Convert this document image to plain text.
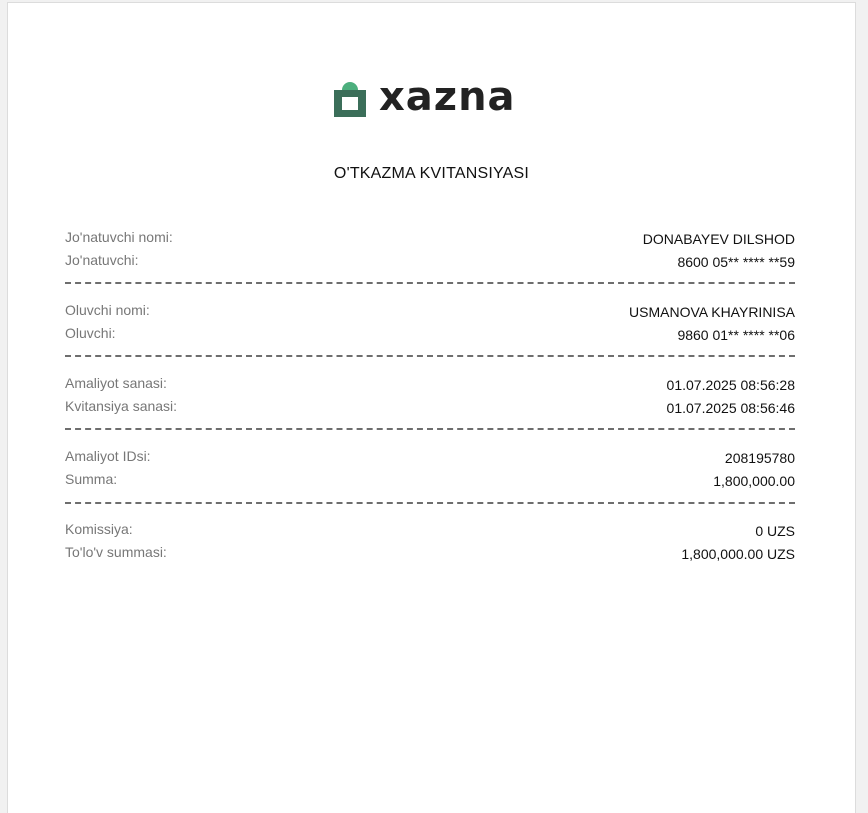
xazna
O'TKAZMA KVITANSIYASI
Jo'natuvchi nomi:	DONABAYEV DILSHOD
Jo'natuvchi:	8600 05** **** **59
Oluvchi nomi:	USMANOVA KHAYRINISA
Oluvchi:	9860 01** **** **06
Amaliyot sanasi:	01.07.2025 08:56:28
Kvitansiya sanasi:	01.07.2025 08:56:46
Amaliyot IDsi:	208195780
Summa:	1,800,000.00
Komissiya:	0 UZS
To'lo'v summasi:	1,800,000.00 UZS
